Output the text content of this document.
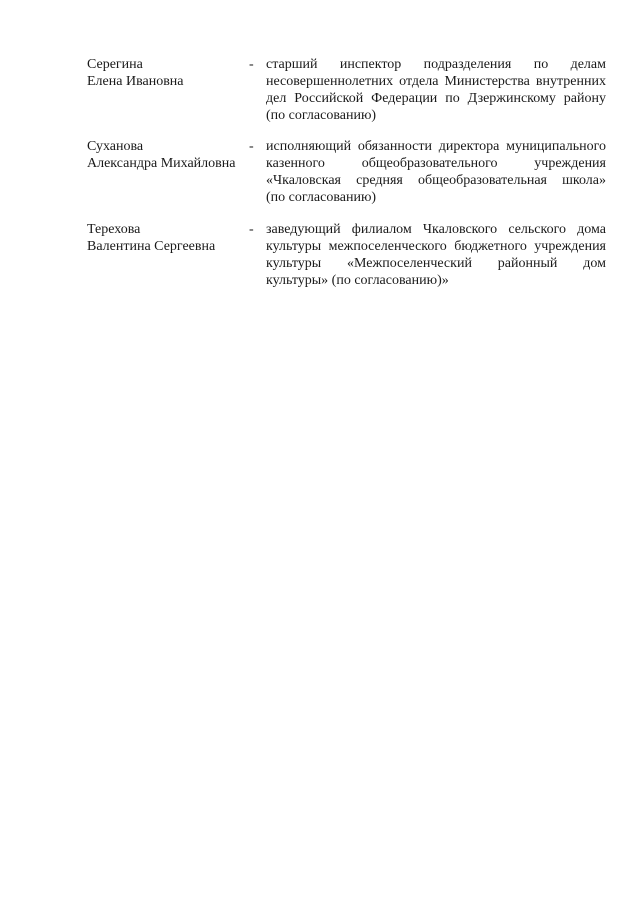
Серегина
Елена Ивановна
- старший инспектор подразделения по делам
несовершеннолетних отдела Министерства внутренних
дел Российской Федерации по Дзержинскому району
(по согласованию)
Суханова
Александра Михайловна
- исполняющий обязанности директора муниципального
казенного общеобразовательного учреждения
«Чкаловская средняя общеобразовательная школа»
(по согласованию)
Терехова
Валентина Сергеевна
- заведующий филиалом Чкаловского сельского дома
культуры межпоселенческого бюджетного учреждения
культуры «Межпоселенческий районный дом
культуры» (по согласованию)»
